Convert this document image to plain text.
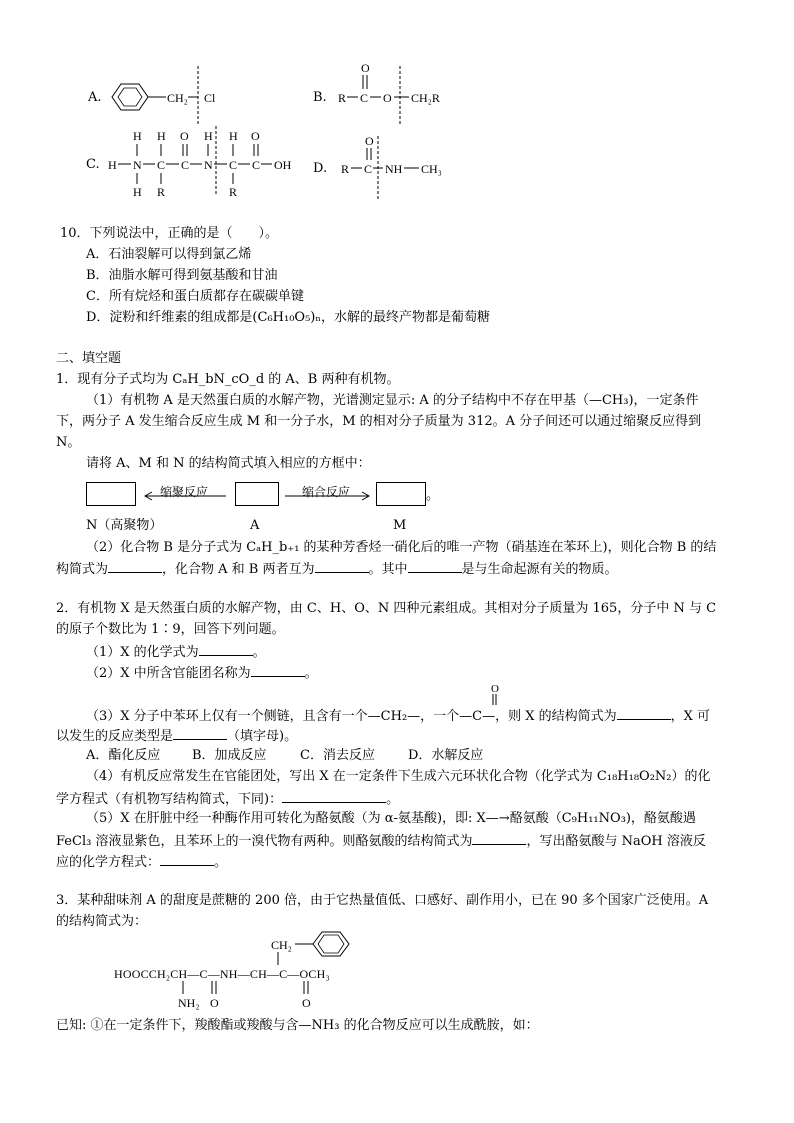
A.	CH₂ Cl	B. R
O
C O CH₂R
C. H N
H
H
C
H
R
C
O
N
H
C
H
R
C
O
OH D. R
O
C NH CH₃
10．下列说法中，正确的是（　　）。
A．石油裂解可以得到氯乙烯
B．油脂水解可得到氨基酸和甘油
C．所有烷烃和蛋白质都存在碳碳单键
D．淀粉和纤维素的组成都是(C₆H₁₀O₅)ₙ，水解的最终产物都是葡萄糖
二、填空题
1．现有分子式均为 CₐH_bN_cO_d 的 A、B 两种有机物。
（1）有机物 A 是天然蛋白质的水解产物，光谱测定显示: A 的分子结构中不存在甲基（—CH₃)，一定条件
下，两分子 A 发生缩合反应生成 M 和一分子水，M 的相对分子质量为 312。A 分子间还可以通过缩聚反应得到
N。
请将 A、M 和 N 的结构简式填入相应的方框中：
缩聚反应	缩合反应	。
N（高聚物）	A	M
（2）化合物 B 是分子式为 CₐH_b₊₁ 的某种芳香烃一硝化后的唯一产物（硝基连在苯环上)，则化合物 B 的结
构简式为	，化合物 A 和 B 两者互为	。其中	是与生命起源有关的物质。
2．有机物 X 是天然蛋白质的水解产物，由 C、H、O、N 四种元素组成。其相对分子质量为 165，分子中 N 与 C
的原子个数比为 1∶9，回答下列问题。
（1）X 的化学式为	。
（2）X 中所含官能团名称为	。
O
（3）X 分子中苯环上仅有一个侧链，且含有一个—CH₂—，一个—C—，则 X 的结构简式为	，X 可
以发生的反应类型是	（填字母)。
A．酯化反应 B．加成反应	C．消去反应	D．水解反应
（4）有机反应常发生在官能团处，写出 X 在一定条件下生成六元环状化合物（化学式为 C₁₈H₁₈O₂N₂）的化
学方程式（有机物写结构简式，下同)：	。
（5）X 在肝脏中经一种酶作用可转化为酪氨酸（为 α-氨基酸)，即: X—→酪氨酸（C₉H₁₁NO₃)，酪氨酸遇
FeCl₃ 溶液显紫色，且苯环上的一溴代物有两种。则酪氨酸的结构简式为	，写出酪氨酸与 NaOH 溶液反
应的化学方程式：	。
3．某种甜味剂 A 的甜度是蔗糖的 200 倍，由于它热量值低、口感好、副作用小，已在 90 多个国家广泛使用。A
的结构简式为：
CH₂
HOOCCH₂CH—C—NH—CH—C—OCH₃
NH₂ O	O
已知: ①在一定条件下，羧酸酯或羧酸与含—NH₃ 的化合物反应可以生成酰胺，如：
